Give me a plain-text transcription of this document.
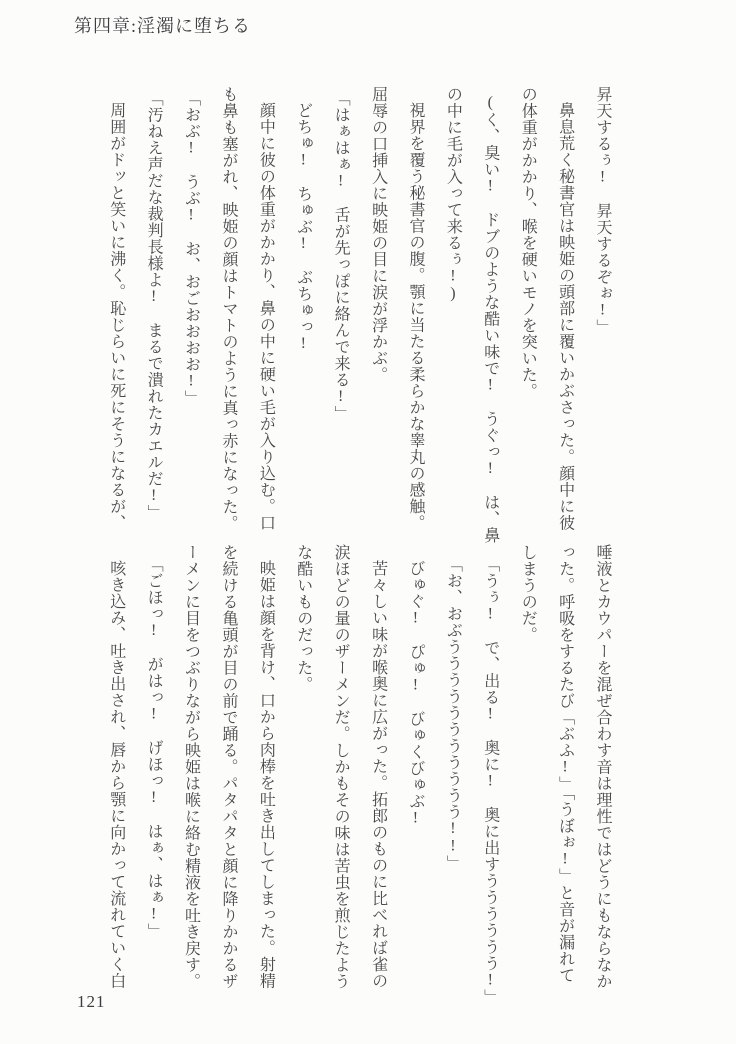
第四章:淫濁に堕ちる
昇天するぅ!　昇天するぞぉ!」
鼻息荒く秘書官は映姫の頭部に覆いかぶさった。顔中に彼
の体重がかかり、喉を硬いモノを突いた。
(く、臭い!　ドブのような酷い味で!　うぐっ!　は、鼻
の中に毛が入って来るぅ!)
視界を覆う秘書官の腹。顎に当たる柔らかな睾丸の感触。
屈辱の口挿入に映姫の目に涙が浮かぶ。
「はぁはぁ!　舌が先っぽに絡んで来る!」
どちゅ!　ちゅぶ!　ぶちゅっ!
顔中に彼の体重がかかり、鼻の中に硬い毛が入り込む。口
も鼻も塞がれ、映姫の顔はトマトのように真っ赤になった。
「おぶ!　うぶ!　お、おごおおおお!」
「汚ねえ声だな裁判長様よ!　まるで潰れたカエルだ!」
周囲がドッと笑いに沸く。恥じらいに死にそうになるが、
唾液とカウパーを混ぜ合わす音は理性ではどうにもならなか
った。呼吸をするたび「ぶふ!」「うぼぉ!」と音が漏れて
しまうのだ。
「うぅ!　で、出る!　奥に!　奥に出すうううううう!」
「お、おぶううううううううううう!!」
びゅぐ!　ぴゅ!　びゅくびゅぶ!
苦々しい味が喉奥に広がった。拓郎のものに比べれば雀の
涙ほどの量のザーメンだ。しかもその味は苦虫を煎じたよう
な酷いものだった。
映姫は顔を背け、口から肉棒を吐き出してしまった。射精
を続ける亀頭が目の前で踊る。パタパタと顔に降りかかるザ
ーメンに目をつぶりながら映姫は喉に絡む精液を吐き戻す。
「ごほっ!　がはっ!　げほっ!　はぁ、はぁ!」
咳き込み、吐き出され、唇から顎に向かって流れていく白
121
